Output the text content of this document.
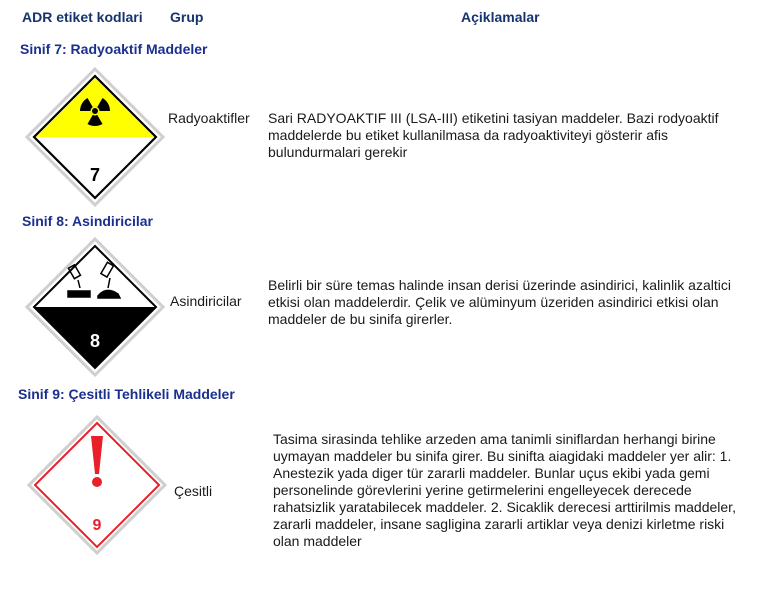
ADR etiket kodlari Grup	Açiklamalar
Sinif 7: Radyoaktif Maddeler
7
Radyoaktifler Sari RADYOAKTIF III (LSA-III) etiketini tasiyan maddeler. Bazi rodyoaktif maddelerde bu etiket kullanilmasa da radyoaktiviteyi gösterir afis bulundurmalari gerekir
Sinif 8: Asindiricilar
8
Asindiricilar
Belirli bir süre temas halinde insan derisi üzerinde asindirici, kalinlik azaltici etkisi olan maddelerdir. Çelik ve alüminyum üzeriden asindirici etkisi olan maddeler de bu sinifa girerler.
Sinif 9: Çesitli Tehlikeli Maddeler
9
Çesitli
Tasima sirasinda tehlike arzeden ama tanimli siniflardan herhangi birine uymayan maddeler bu sinifa girer. Bu sinifta aiagidaki maddeler yer alir: 1. Anestezik yada diger tür zararli maddeler. Bunlar uçus ekibi yada gemi personelinde görevlerini yerine getirmelerini engelleyecek derecede rahatsizlik yaratabilecek maddeler. 2. Sicaklik derecesi arttirilmis maddeler, zararli maddeler, insane sagligina zararli artiklar veya denizi kirletme riski olan maddeler
